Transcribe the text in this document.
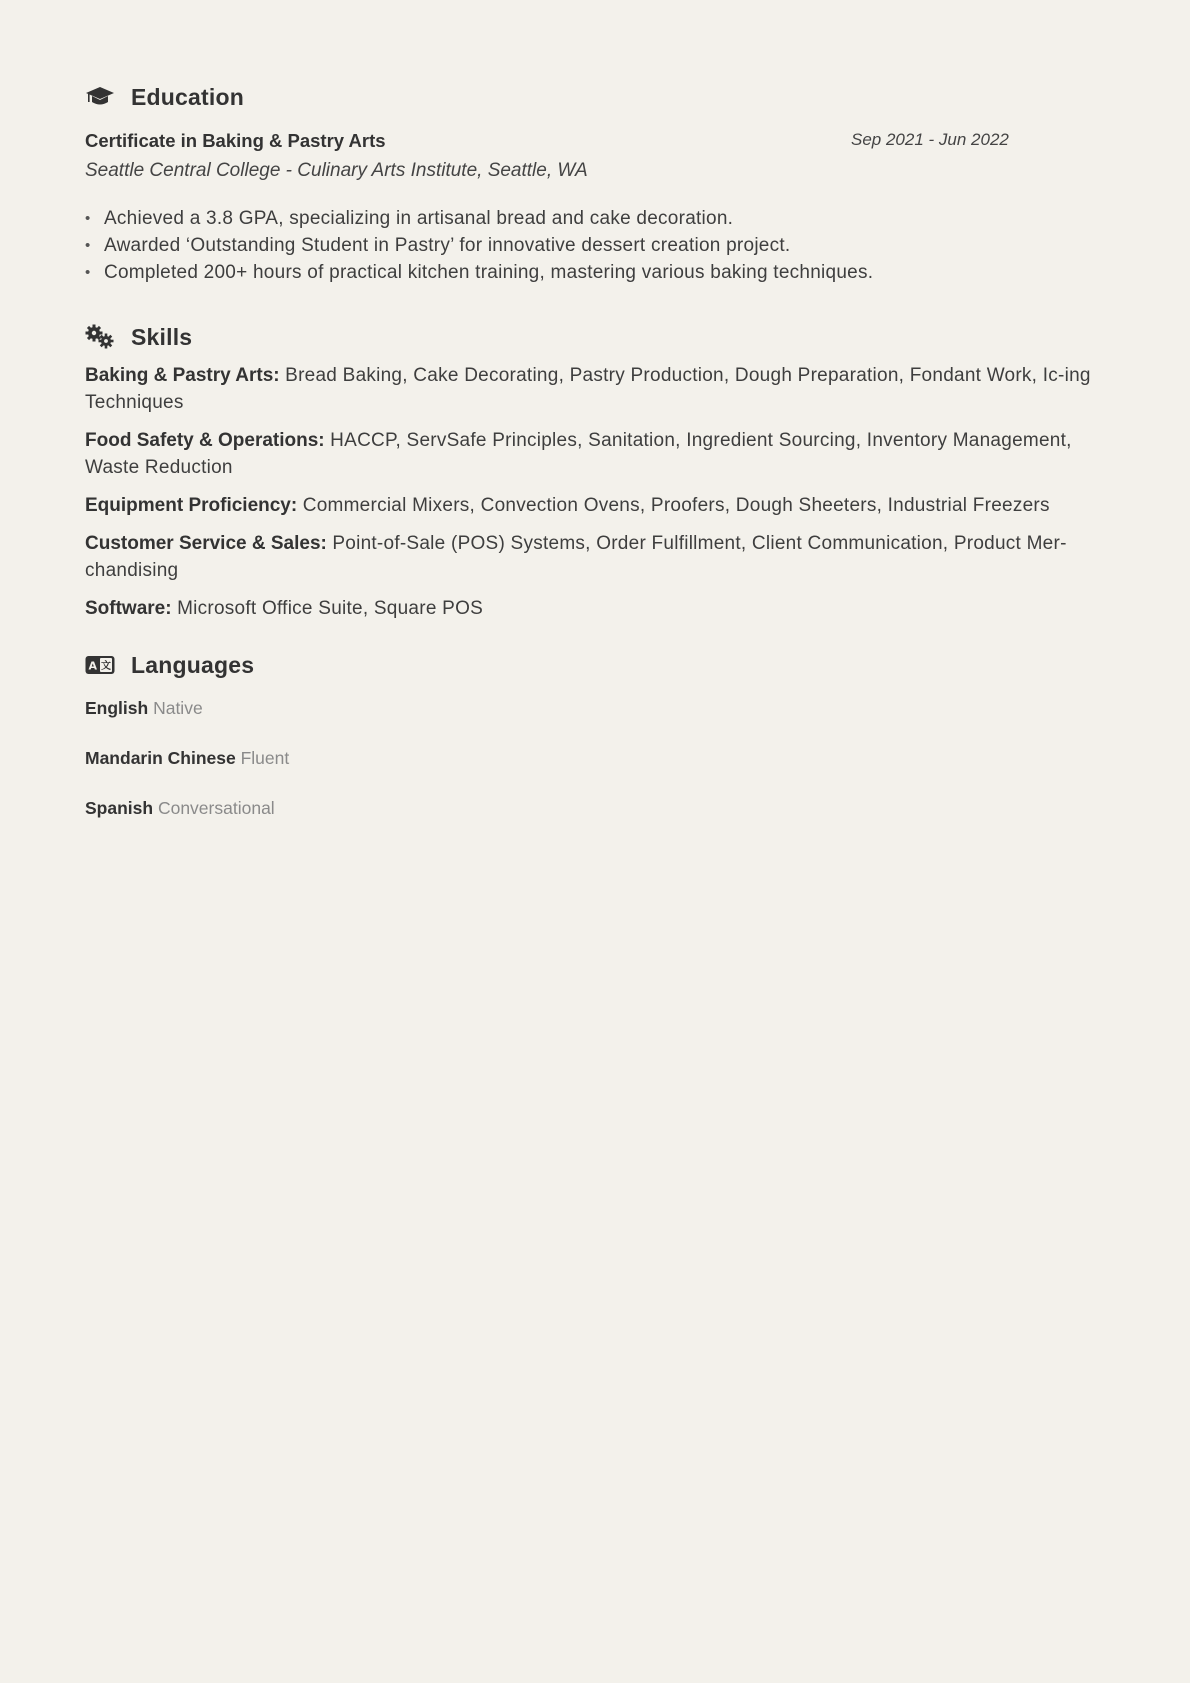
Education
Certificate in Baking & Pastry Arts	Sep 2021 - Jun 2022
Seattle Central College - Culinary Arts Institute, Seattle, WA
• Achieved a 3.8 GPA, specializing in artisanal bread and cake decoration.
• Awarded ‘Outstanding Student in Pastry’ for innovative dessert creation project.
• Completed 200+ hours of practical kitchen training, mastering various baking techniques.
Skills
Baking & Pastry Arts: Bread Baking, Cake Decorating, Pastry Production, Dough Preparation, Fondant Work, Ic-ing Techniques
Food Safety & Operations: HACCP, ServSafe Principles, Sanitation, Ingredient Sourcing, Inventory Management, Waste Reduction
Equipment Proficiency: Commercial Mixers, Convection Ovens, Proofers, Dough Sheeters, Industrial Freezers
Customer Service & Sales: Point-of-Sale (POS) Systems, Order Fulfillment, Client Communication, Product Mer-chandising
Software: Microsoft Office Suite, Square POS
A 文 Languages
English Native
Mandarin Chinese Fluent
Spanish Conversational
